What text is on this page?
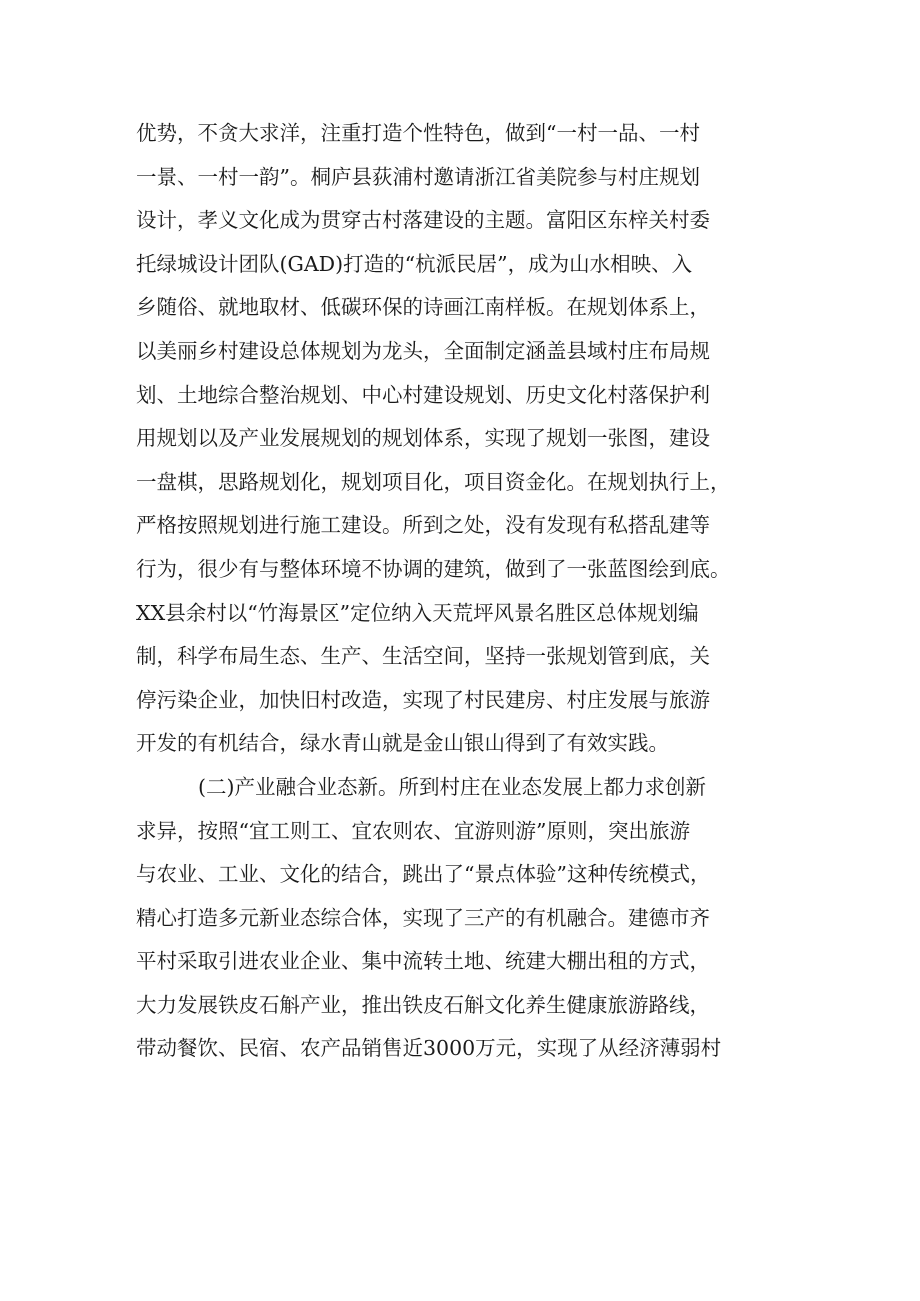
优势，不贪大求洋，注重打造个性特色，做到“一村一品、一村
一景、一村一韵”。桐庐县荻浦村邀请浙江省美院参与村庄规划
设计，孝义文化成为贯穿古村落建设的主题。富阳区东梓关村委
托绿城设计团队(GAD)打造的“杭派民居”，成为山水相映、入
乡随俗、就地取材、低碳环保的诗画江南样板。在规划体系上，
以美丽乡村建设总体规划为龙头，全面制定涵盖县域村庄布局规
划、土地综合整治规划、中心村建设规划、历史文化村落保护利
用规划以及产业发展规划的规划体系，实现了规划一张图，建设
一盘棋，思路规划化，规划项目化，项目资金化。在规划执行上，
严格按照规划进行施工建设。所到之处，没有发现有私搭乱建等
行为，很少有与整体环境不协调的建筑，做到了一张蓝图绘到底。
XX县余村以“竹海景区”定位纳入天荒坪风景名胜区总体规划编
制，科学布局生态、生产、生活空间，坚持一张规划管到底，关
停污染企业，加快旧村改造，实现了村民建房、村庄发展与旅游
开发的有机结合，绿水青山就是金山银山得到了有效实践。
(二)产业融合业态新。所到村庄在业态发展上都力求创新
求异，按照“宜工则工、宜农则农、宜游则游”原则，突出旅游
与农业、工业、文化的结合，跳出了“景点体验”这种传统模式，
精心打造多元新业态综合体，实现了三产的有机融合。建德市齐
平村采取引进农业企业、集中流转土地、统建大棚出租的方式，
大力发展铁皮石斛产业，推出铁皮石斛文化养生健康旅游路线，
带动餐饮、民宿、农产品销售近3000万元，实现了从经济薄弱村
